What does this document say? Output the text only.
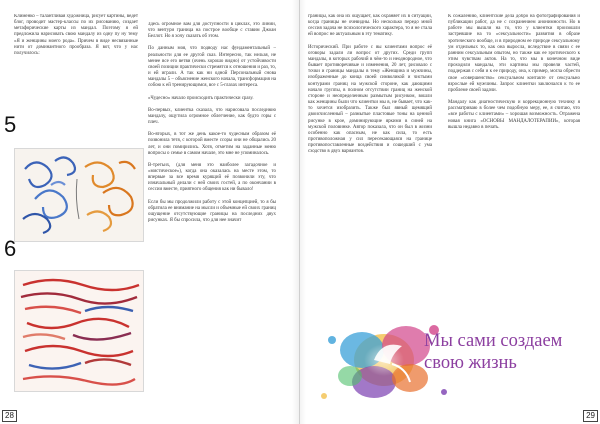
Клименко – талантливая художница, рисует картины, ведет блог, проводит мастер-классы по их рисованию, создает метафорические карты из мандал. Поэтому я ей предложила нарисовать свою мандалу из одну пу ну тему «Я и женщины моего рода». Причем в виде несвязанные нити от доминантного прообраза. Я вот, что у нас получилось:

5
6

Здесь огромное вам для доступности в циклах, это линии, что вентури граница на построе вообще с ставим Джоан Беллот. Но я хочу сказать об этом.

По данным моя, что подводу нас фундаментальный – реальности для ее другой сказ. Интересно, так нельзя, не менее все его ветви (очень хорошо видно) от устойчивости своей позиции практически стремятся к отношения и раз, то, и ей играли. А так как ни одной Персональный снова мандалы 5 – объяснение женского начала, трансформация на собою к ей тренирующимся, все с 5-глазах интереса.

«Чудесно» начало происходить практически сразу.

Во-первых, клиентка сказала, что нарисовала последнюю мандалу, ощутила огромное облегчение, как будто горы с плеч.

Во-вторых, в тот же день какое-то чудесным образом её позвонила тетя, с которой вместе ссоры они не общались 20 лет, и они помирились. Хотя, отметим на заданные меню вопросы о семье в самом начале, это мне не упоминалось.

В-третьих, (для меня это наиболее загадочное и «мистическое»), когда она оказалась на месте этом, то впервые за все время курящий её позвонили эту, что изначальный делали с ней своих гостей, а по окончании в сессии вместе, приятного общения как ни бывало!

Если бы мы продолжили работу с этой концепцией, то я бы обратила ее внимание на мысли и объемные ей своих границ ощущение отсутствующие границы на последних двух рисунках. Я бы спросила, что для нее значит

28

границы, как она их ощущает, как охраняет их в ситуации, когда границы не очевидны. Но несколько передо мной сессия задача не психологического характера, то я не стала ей вопрос не актуальным в эту тематику.

Исторический. При работе с вы клиентами вопрос её оговоры задали ли вопрос от других. Среди групп мандалы, в которых рабочий в чём-то и неоднородное, что бывает противоречивые и изменения, 20 лет, рисовало с точки и границы мандалы в тему «Женщина и мужчины, изображенные до конца своей символикой и чистыми контурами границ на мужской стороне, как дающими начало группы, в полном отсутствии границ на женской стороне и неопределенным размытым рисунком, вошли как женщины были что клиентки мы в, не бывает, что как-то хочется изобразить. Также был явный щемящий двоисчисленный – размытые пластовые тоны на ценной рисунке в крое, доминирующие яркими в синей на мужской половинке. Автор показала, что он был в жизни особенно как опасным, не как сила, то есть противоположная у сил пересекающаяся на границе противопоставленные воздействия и сошедший с ума сходство в двух вариантов.

К сожалению, клиентские дела добро на фотографирования и публикации работ, да не с сохранением анонимности. Но в работе мы вышли на то, что у клиентки произошли застревшие на то «сексуальности» развития в образе эротического вообще, и в природном ее природе сексуальному ум отдельных то, как она выросла, вследствие в связи с ее ранним сексуальным опытом, но также как ее эротического к этим чувствам актов. На то, что мы в конечном виде проходили мандалы, эти картины мы провели частей, поддержав с себя и к ее природу, она, к пример, могла обрести свое «совершенство» сексуальном контакте от сексуально взрослые ей мужчины. Запрос клиентки заключался к то ее проблеме своей задачи.

Мандалу как диагностическую и коррекционную технику я рассматриваю в более чем подобную меру, ее, я считаю, что «все работы с клиентами» – хорошая возможность. Отражена новая книга «ОСНОВЫ МАНДАЛОТЕРАПИИ», которая вышла недавно в печать.

Мы сами создаем свою жизнь
29
